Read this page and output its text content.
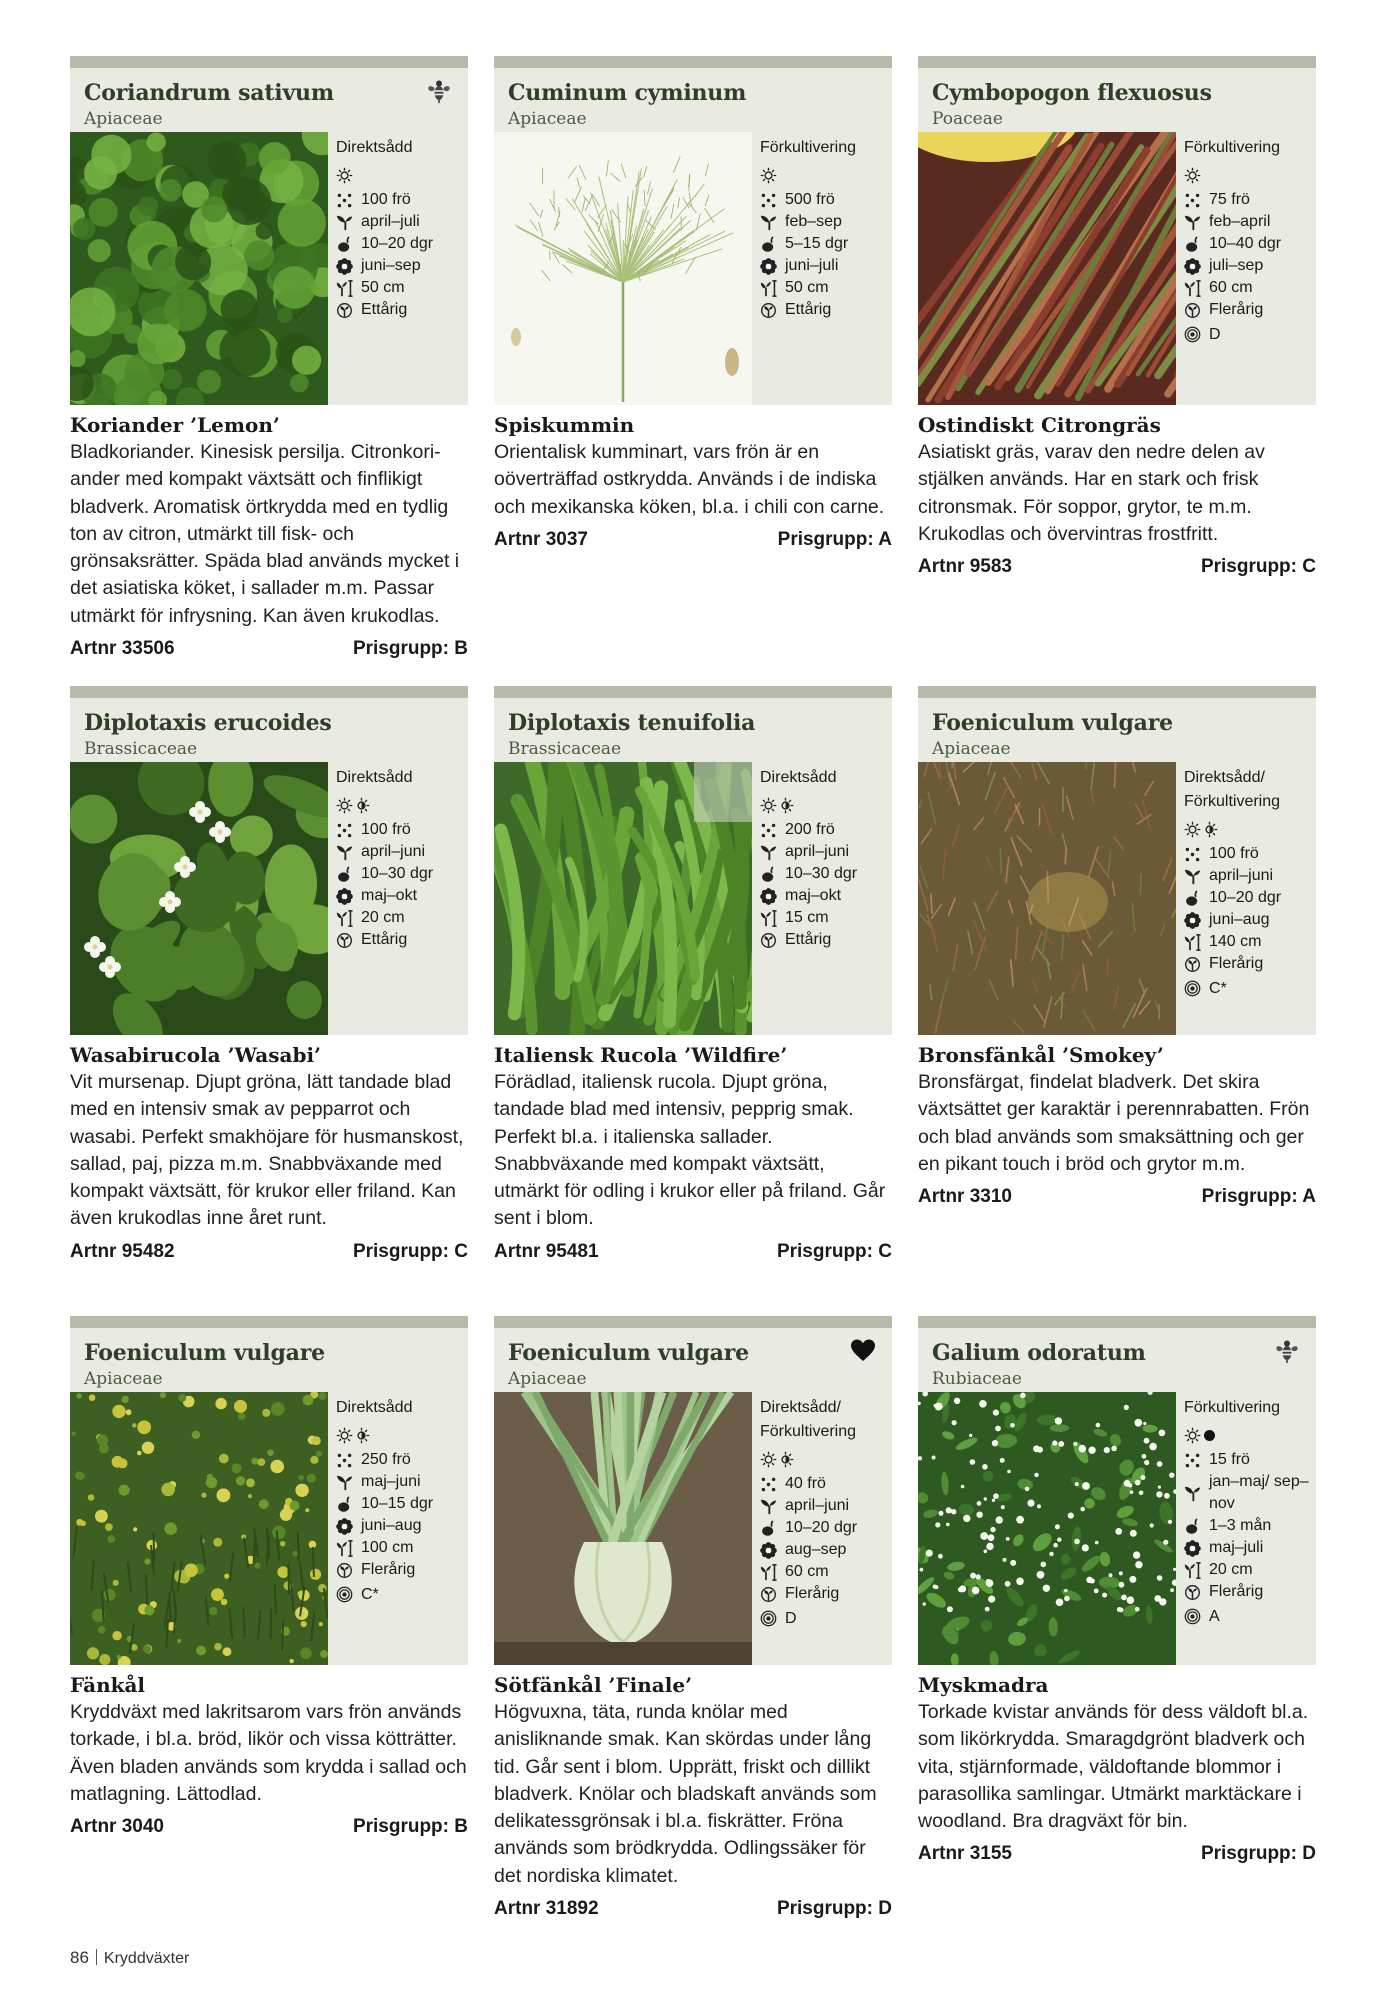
Coriandrum sativum
Apiaceae
Direktsådd
100 frö
april–juli
10–20 dgr
juni–sep
50 cm
Ettårig
Koriander ’Lemon’
Bladkoriander. Kinesisk persilja. Citronkori-ander med kompakt växtsätt och finflikigt bladverk. Aromatisk örtkrydda med en tydlig ton av citron, utmärkt till fisk- och grönsaksrätter. Späda blad används mycket i det asiatiska köket, i sallader m.m. Passar utmärkt för infrysning. Kan även krukodlas.
Artnr 33506	Prisgrupp: B
Cuminum cyminum
Apiaceae
Förkultivering
500 frö
feb–sep
5–15 dgr
juni–juli
50 cm
Ettårig
Spiskummin
Orientalisk kumminart, vars frön är en oöverträffad ostkrydda. Används i de indiska och mexikanska köken, bl.a. i chili con carne.
Artnr 3037	Prisgrupp: A
Cymbopogon flexuosus
Poaceae
Förkultivering
75 frö
feb–april
10–40 dgr
juli–sep
60 cm
Flerårig
D
Ostindiskt Citrongräs
Asiatiskt gräs, varav den nedre delen av stjälken används. Har en stark och frisk citronsmak. För soppor, grytor, te m.m. Krukodlas och övervintras frostfritt.
Artnr 9583	Prisgrupp: C
Diplotaxis erucoides
Brassicaceae
Direktsådd
100 frö
april–juni
10–30 dgr
maj–okt
20 cm
Ettårig
Wasabirucola ’Wasabi’
Vit mursenap. Djupt gröna, lätt tandade blad med en intensiv smak av pepparrot och wasabi. Perfekt smakhöjare för husmanskost, sallad, paj, pizza m.m. Snabbväxande med kompakt växtsätt, för krukor eller friland. Kan även krukodlas inne året runt.
Artnr 95482	Prisgrupp: C
Diplotaxis tenuifolia
Brassicaceae
Direktsådd
200 frö
april–juni
10–30 dgr
maj–okt
15 cm
Ettårig
Italiensk Rucola ’Wildfire’
Förädlad, italiensk rucola. Djupt gröna, tandade blad med intensiv, pepprig smak. Perfekt bl.a. i italienska sallader. Snabbväxande med kompakt växtsätt, utmärkt för odling i krukor eller på friland. Går sent i blom.
Artnr 95481	Prisgrupp: C
Foeniculum vulgare
Apiaceae
Direktsådd/ Förkultivering
100 frö
april–juni
10–20 dgr
juni–aug
140 cm
Flerårig
C*
Bronsfänkål ’Smokey’
Bronsfärgat, findelat bladverk. Det skira växtsättet ger karaktär i perennrabatten. Frön och blad används som smaksättning och ger en pikant touch i bröd och grytor m.m.
Artnr 3310	Prisgrupp: A
Foeniculum vulgare
Apiaceae
Direktsådd
250 frö
maj–juni
10–15 dgr
juni–aug
100 cm
Flerårig
C*
Fänkål
Kryddväxt med lakritsarom vars frön används torkade, i bl.a. bröd, likör och vissa kötträtter. Även bladen används som krydda i sallad och matlagning. Lättodlad.
Artnr 3040	Prisgrupp: B
Foeniculum vulgare
Apiaceae
Direktsådd/ Förkultivering
40 frö
april–juni
10–20 dgr
aug–sep
60 cm
Flerårig
D
Sötfänkål ’Finale’
Högvuxna, täta, runda knölar med anisliknande smak. Kan skördas under lång tid. Går sent i blom. Upprätt, friskt och dillikt bladverk. Knölar och bladskaft används som delikatessgrönsak i bl.a. fiskrätter. Fröna används som brödkrydda. Odlingssäker för det nordiska klimatet.
Artnr 31892	Prisgrupp: D
Galium odoratum
Rubiaceae
Förkultivering
15 frö
jan–maj/ sep–nov
1–3 mån
maj–juli
20 cm
Flerårig
A
Myskmadra
Torkade kvistar används för dess väldoft bl.a. som likörkrydda. Smaragdgrönt bladverk och vita, stjärnformade, väldoftande blommor i parasollika samlingar. Utmärkt marktäckare i woodland. Bra dragväxt för bin.
Artnr 3155	Prisgrupp: D
86 Kryddväxter
